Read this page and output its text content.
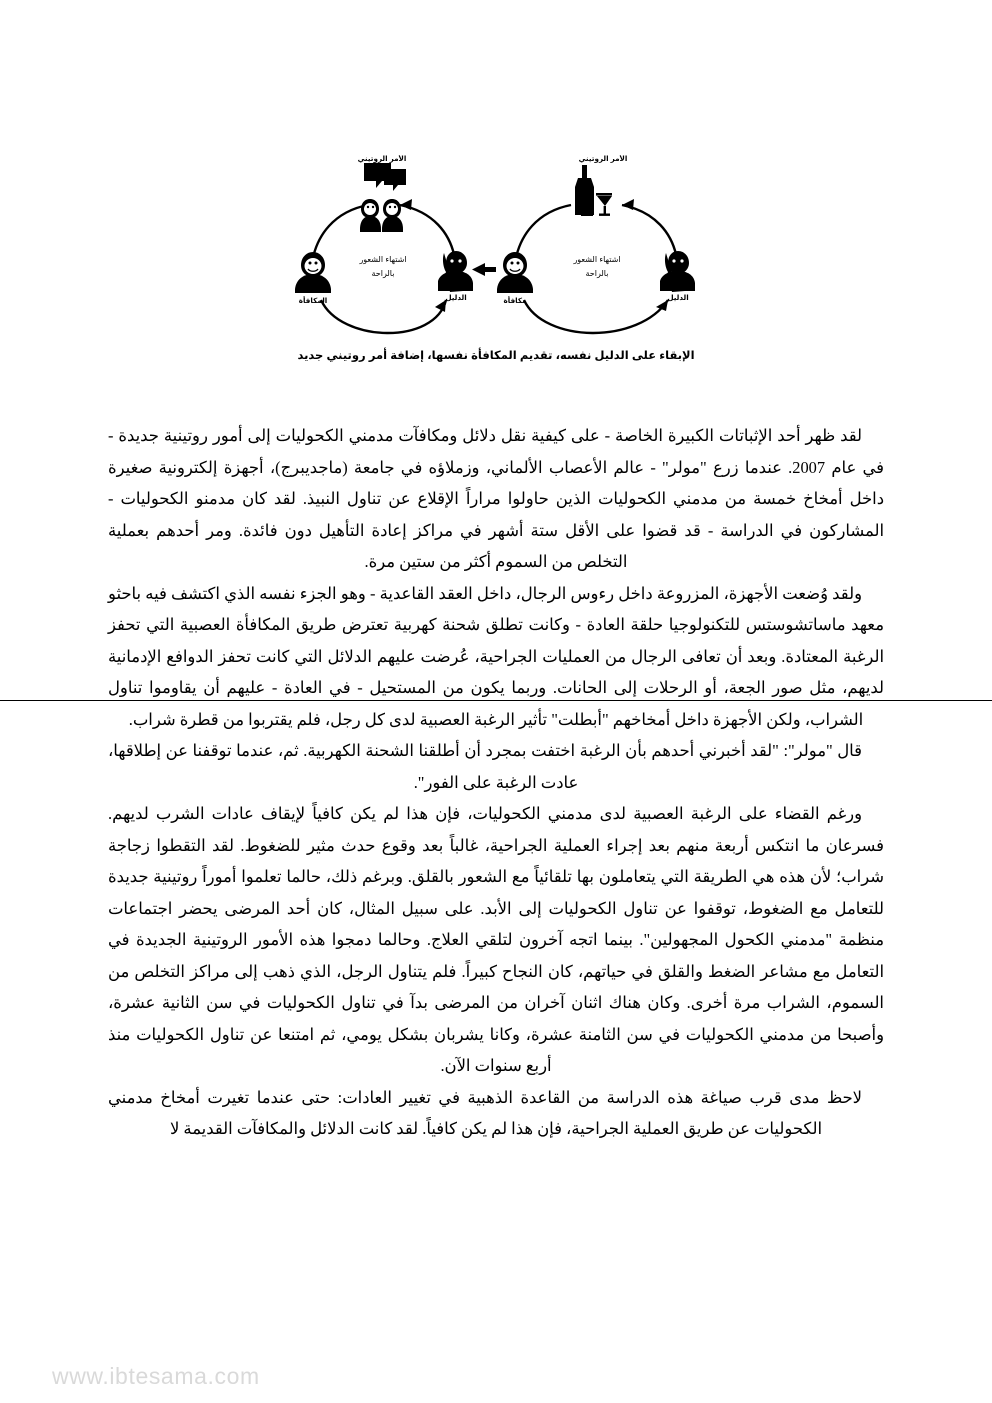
الأمر الروتيني
الدليل
مكافأة
اشتهاء الشعور
بالراحة
الأمر الروتيني
الدليل
المكافأة
اشتهاء الشعور
بالراحة
الإبقاء على الدليل نفسه، تقديم المكافأة نفسها، إضافة أمر روتيني جديد

لقد ظهر أحد الإثباتات الكبيرة الخاصة - على كيفية نقل دلائل ومكافآت مدمني الكحوليات إلى أمور روتينية جديدة - في عام 2007. عندما زرع "مولر" - عالم الأعصاب الألماني، وزملاؤه في جامعة (ماجديبرج)، أجهزة إلكترونية صغيرة داخل أمخاخ خمسة من مدمني الكحوليات الذين حاولوا مراراً الإقلاع عن تناول النبيذ. لقد كان مدمنو الكحوليات - المشاركون في الدراسة - قد قضوا على الأقل ستة أشهر في مراكز إعادة التأهيل دون فائدة. ومر أحدهم بعملية التخلص من السموم أكثر من ستين مرة.

ولقد وُضعت الأجهزة، المزروعة داخل رءوس الرجال، داخل العقد القاعدية - وهو الجزء نفسه الذي اكتشف فيه باحثو معهد ماساتشوستس للتكنولوجيا حلقة العادة - وكانت تطلق شحنة كهربية تعترض طريق المكافأة العصبية التي تحفز الرغبة المعتادة. وبعد أن تعافى الرجال من العمليات الجراحية، عُرضت عليهم الدلائل التي كانت تحفز الدوافع الإدمانية لديهم، مثل صور الجعة، أو الرحلات إلى الحانات. وربما يكون من المستحيل - في العادة - عليهم أن يقاوموا تناول الشراب، ولكن الأجهزة داخل أمخاخهم "أبطلت" تأثير الرغبة العصبية لدى كل رجل، فلم يقتربوا من قطرة شراب.

قال "مولر": "لقد أخبرني أحدهم بأن الرغبة اختفت بمجرد أن أطلقنا الشحنة الكهربية. ثم، عندما توقفنا عن إطلاقها، عادت الرغبة على الفور".

ورغم القضاء على الرغبة العصبية لدى مدمني الكحوليات، فإن هذا لم يكن كافياً لإيقاف عادات الشرب لديهم. فسرعان ما انتكس أربعة منهم بعد إجراء العملية الجراحية، غالباً بعد وقوع حدث مثير للضغوط. لقد التقطوا زجاجة شراب؛ لأن هذه هي الطريقة التي يتعاملون بها تلقائياً مع الشعور بالقلق. وبرغم ذلك، حالما تعلموا أموراً روتينية جديدة للتعامل مع الضغوط، توقفوا عن تناول الكحوليات إلى الأبد. على سبيل المثال، كان أحد المرضى يحضر اجتماعات منظمة "مدمني الكحول المجهولين". بينما اتجه آخرون لتلقي العلاج. وحالما دمجوا هذه الأمور الروتينية الجديدة في التعامل مع مشاعر الضغط والقلق في حياتهم، كان النجاح كبيراً. فلم يتناول الرجل، الذي ذهب إلى مراكز التخلص من السموم، الشراب مرة أخرى. وكان هناك اثنان آخران من المرضى بدآ في تناول الكحوليات في سن الثانية عشرة، وأصبحا من مدمني الكحوليات في سن الثامنة عشرة، وكانا يشربان بشكل يومي، ثم امتنعا عن تناول الكحوليات منذ أربع سنوات الآن.

لاحظ مدى قرب صياغة هذه الدراسة من القاعدة الذهبية في تغيير العادات: حتى عندما تغيرت أمخاخ مدمني الكحوليات عن طريق العملية الجراحية، فإن هذا لم يكن كافياً. لقد كانت الدلائل والمكافآت القديمة لا

www.ibtesama.com
